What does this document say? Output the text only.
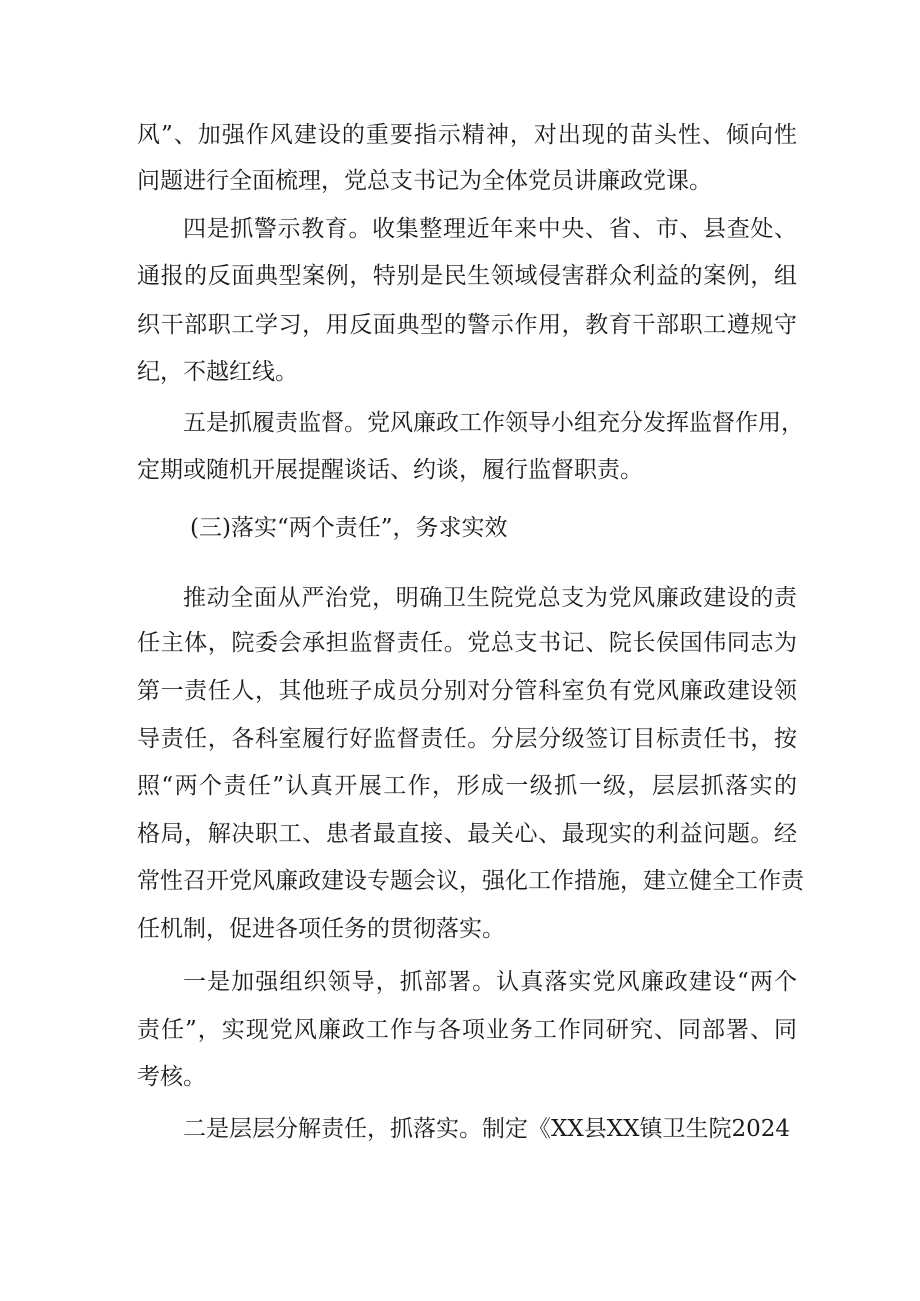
风”、加强作风建设的重要指示精神，对出现的苗头性、倾向性
问题进行全面梳理，党总支书记为全体党员讲廉政党课。
四是抓警示教育。收集整理近年来中央、省、市、县查处、
通报的反面典型案例，特别是民生领域侵害群众利益的案例，组
织干部职工学习，用反面典型的警示作用，教育干部职工遵规守
纪，不越红线。
五是抓履责监督。党风廉政工作领导小组充分发挥监督作用，
定期或随机开展提醒谈话、约谈，履行监督职责。
(三)落实“两个责任”，务求实效
推动全面从严治党，明确卫生院党总支为党风廉政建设的责
任主体，院委会承担监督责任。党总支书记、院长侯国伟同志为
第一责任人，其他班子成员分别对分管科室负有党风廉政建设领
导责任，各科室履行好监督责任。分层分级签订目标责任书，按
照“两个责任”认真开展工作，形成一级抓一级，层层抓落实的
格局，解决职工、患者最直接、最关心、最现实的利益问题。经
常性召开党风廉政建设专题会议，强化工作措施，建立健全工作责
任机制，促进各项任务的贯彻落实。
一是加强组织领导，抓部署。认真落实党风廉政建设“两个
责任”，实现党风廉政工作与各项业务工作同研究、同部署、同
考核。
二是层层分解责任，抓落实。制定《XX县XX镇卫生院2024
